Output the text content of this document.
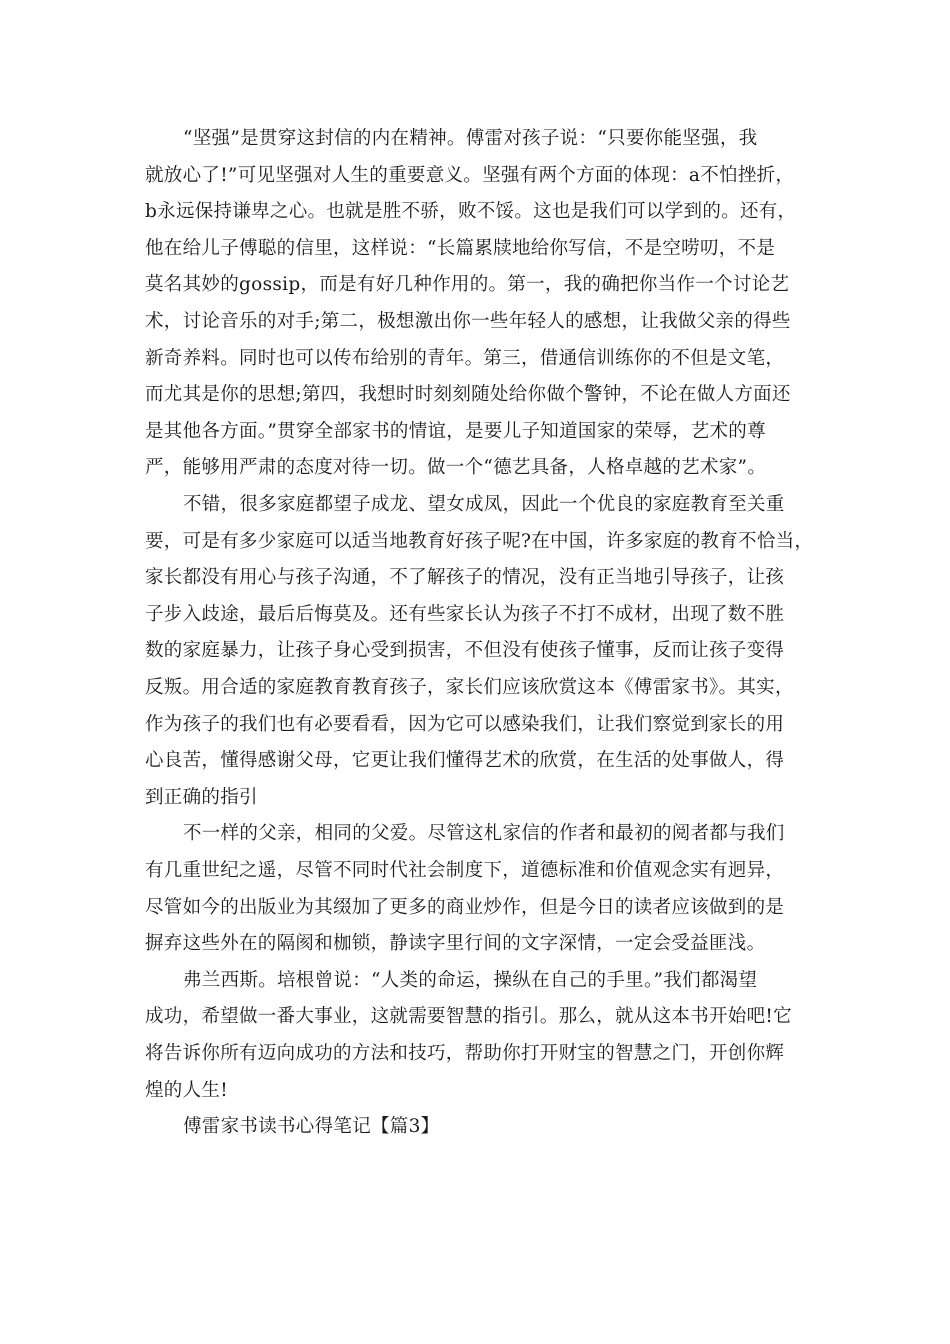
“坚强”是贯穿这封信的内在精神。傅雷对孩子说：“只要你能坚强，我
就放心了!”可见坚强对人生的重要意义。坚强有两个方面的体现：a不怕挫折，
b永远保持谦卑之心。也就是胜不骄，败不馁。这也是我们可以学到的。还有，
他在给儿子傅聪的信里，这样说：“长篇累牍地给你写信，不是空唠叨，不是
莫名其妙的gossip，而是有好几种作用的。第一，我的确把你当作一个讨论艺
术，讨论音乐的对手;第二，极想激出你一些年轻人的感想，让我做父亲的得些
新奇养料。同时也可以传布给别的青年。第三，借通信训练你的不但是文笔，
而尤其是你的思想;第四，我想时时刻刻随处给你做个警钟，不论在做人方面还
是其他各方面。”贯穿全部家书的情谊，是要儿子知道国家的荣辱，艺术的尊
严，能够用严肃的态度对待一切。做一个“德艺具备，人格卓越的艺术家”。
不错，很多家庭都望子成龙、望女成凤，因此一个优良的家庭教育至关重
要，可是有多少家庭可以适当地教育好孩子呢?在中国，许多家庭的教育不恰当，
家长都没有用心与孩子沟通，不了解孩子的情况，没有正当地引导孩子，让孩
子步入歧途，最后后悔莫及。还有些家长认为孩子不打不成材，出现了数不胜
数的家庭暴力，让孩子身心受到损害，不但没有使孩子懂事，反而让孩子变得
反叛。用合适的家庭教育教育孩子，家长们应该欣赏这本《傅雷家书》。其实，
作为孩子的我们也有必要看看，因为它可以感染我们，让我们察觉到家长的用
心良苦，懂得感谢父母，它更让我们懂得艺术的欣赏，在生活的处事做人，得
到正确的指引
不一样的父亲，相同的父爱。尽管这札家信的作者和最初的阅者都与我们
有几重世纪之遥，尽管不同时代社会制度下，道德标准和价值观念实有迥异，
尽管如今的出版业为其缀加了更多的商业炒作，但是今日的读者应该做到的是
摒弃这些外在的隔阂和枷锁，静读字里行间的文字深情，一定会受益匪浅。
弗兰西斯。培根曾说：“人类的命运，操纵在自己的手里。”我们都渴望
成功，希望做一番大事业，这就需要智慧的指引。那么，就从这本书开始吧!它
将告诉你所有迈向成功的方法和技巧，帮助你打开财宝的智慧之门，开创你辉
煌的人生!
傅雷家书读书心得笔记【篇3】
